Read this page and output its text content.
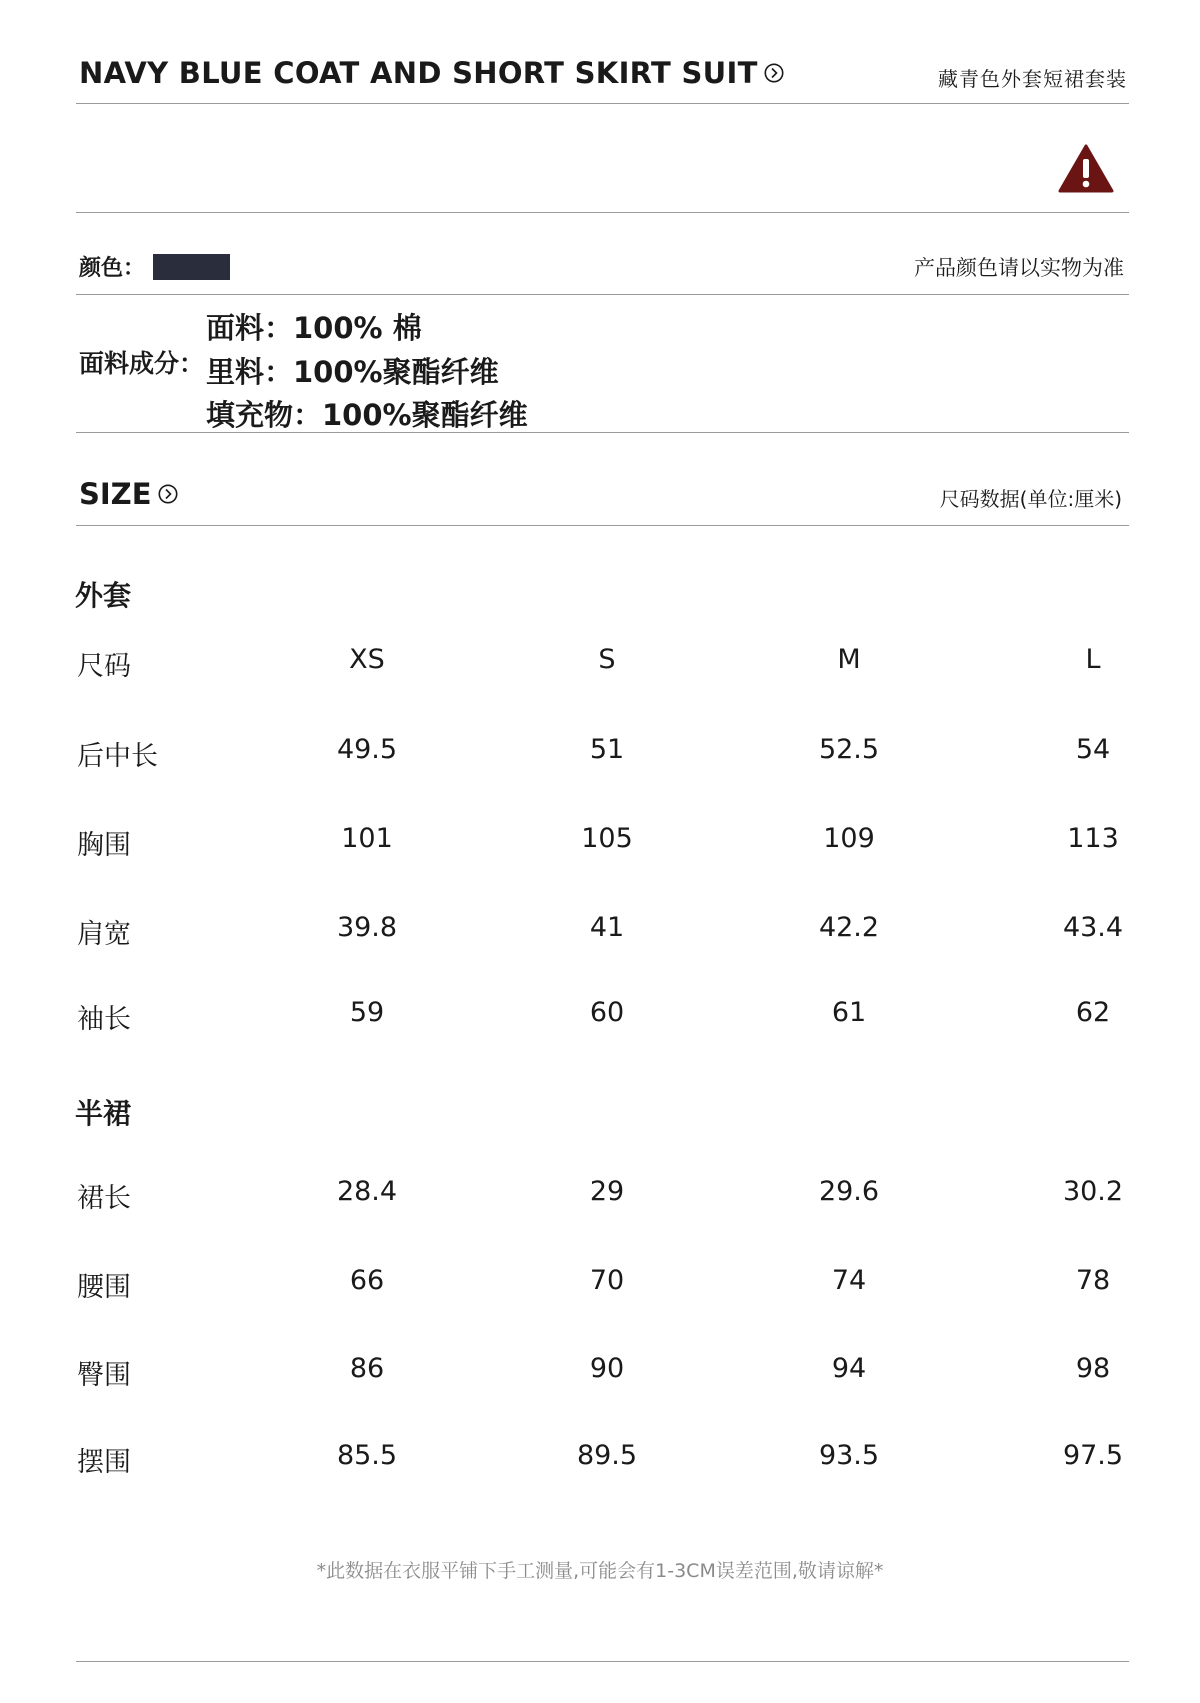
NAVY BLUE COAT AND SHORT SKIRT SUIT	藏青色外套短裙套装
颜色：	产品颜色请以实物为准
面料成分：
面料：100% 棉
里料：100%聚酯纤维
填充物：100%聚酯纤维
SIZE	尺码数据(单位:厘米)
外套
尺码	XS	S	M	L
后中长	49.5	51	52.5	54
胸围	101	105	109	113
肩宽	39.8	41	42.2	43.4
袖长	59	60	61	62
半裙
裙长	28.4	29	29.6	30.2
腰围	66	70	74	78
臀围	86	90	94	98
摆围	85.5	89.5	93.5	97.5
*此数据在衣服平铺下手工测量,可能会有1-3CM误差范围,敬请谅解*
